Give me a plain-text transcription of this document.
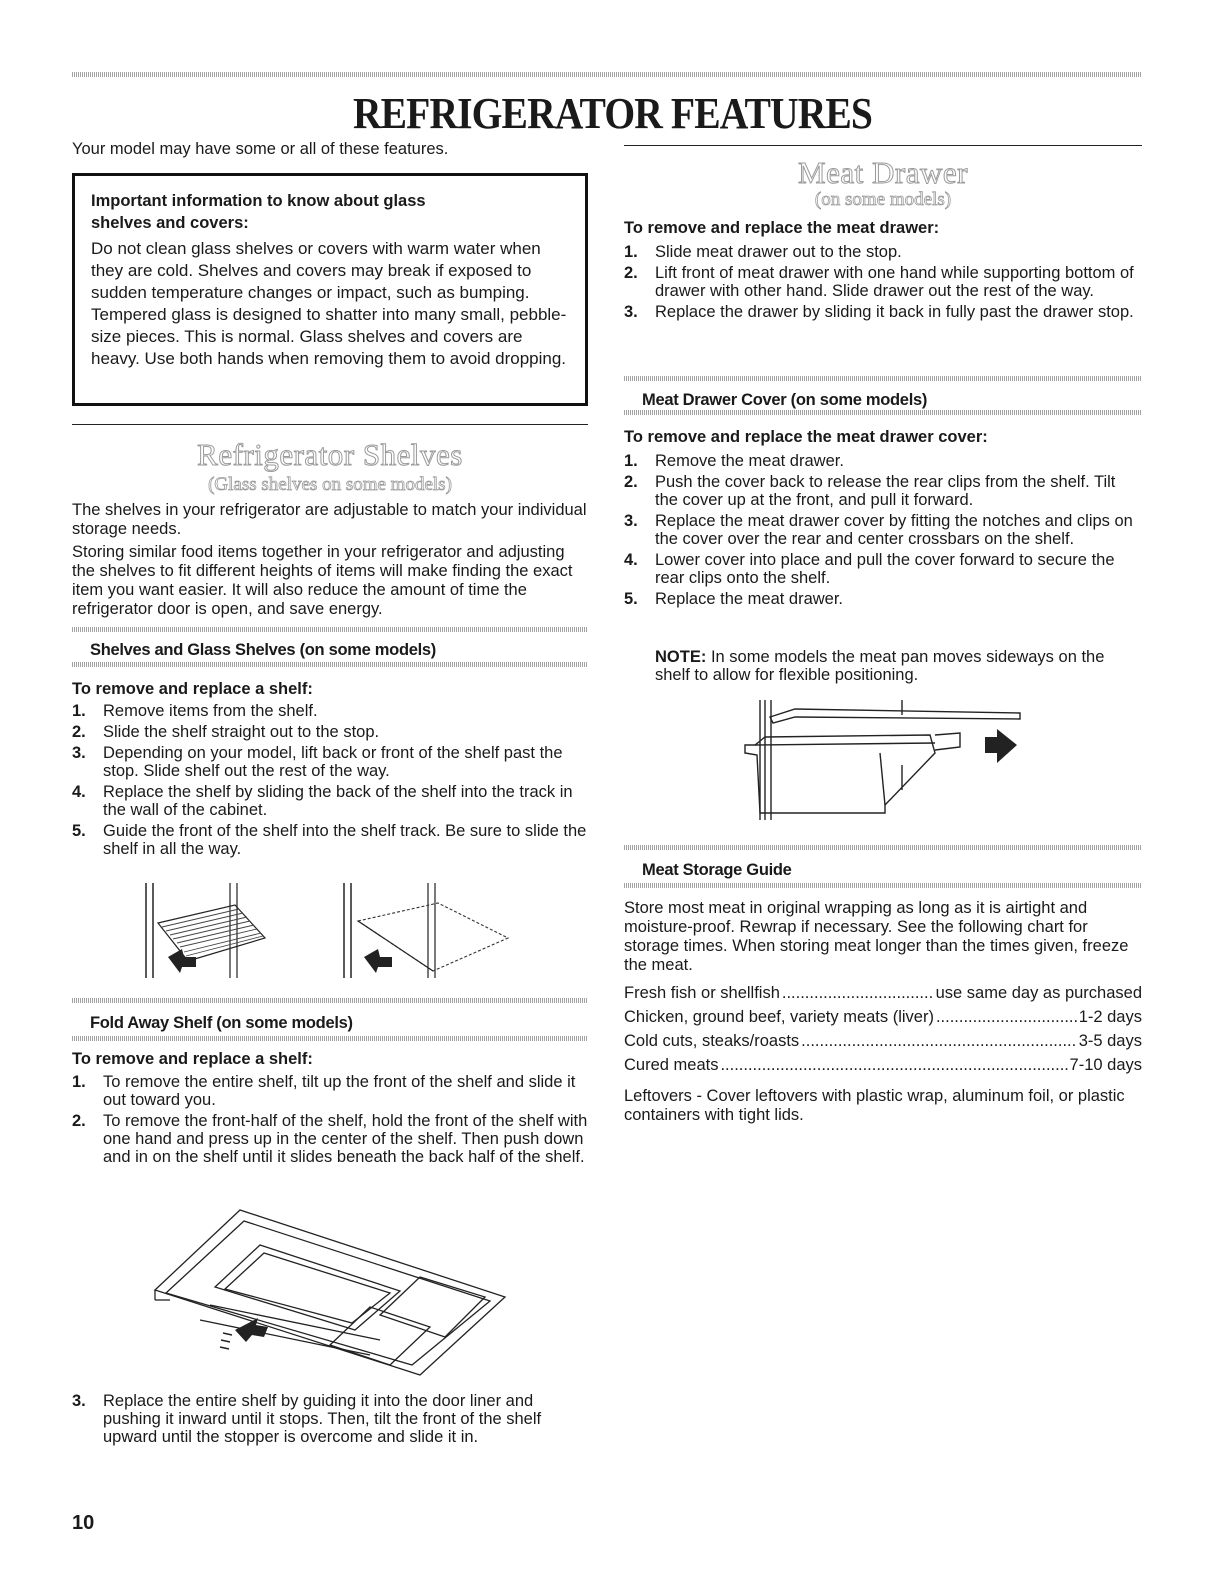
REFRIGERATOR FEATURES
Your model may have some or all of these features.
Important information to know about glass shelves and covers:
Do not clean glass shelves or covers with warm water when they are cold. Shelves and covers may break if exposed to sudden temperature changes or impact, such as bumping. Tempered glass is designed to shatter into many small, pebble-size pieces. This is normal. Glass shelves and covers are heavy. Use both hands when removing them to avoid dropping.
Refrigerator Shelves
(Glass shelves on some models)
The shelves in your refrigerator are adjustable to match your individual storage needs.
Storing similar food items together in your refrigerator and adjusting the shelves to fit different heights of items will make finding the exact item you want easier. It will also reduce the amount of time the refrigerator door is open, and save energy.
Shelves and Glass Shelves (on some models)
To remove and replace a shelf:
1. Remove items from the shelf.
2. Slide the shelf straight out to the stop.
3. Depending on your model, lift back or front of the shelf past the stop. Slide shelf out the rest of the way.
4. Replace the shelf by sliding the back of the shelf into the track in the wall of the cabinet.
5. Guide the front of the shelf into the shelf track. Be sure to slide the shelf in all the way.
Fold Away Shelf (on some models)
To remove and replace a shelf:
1. To remove the entire shelf, tilt up the front of the shelf and slide it out toward you.
2. To remove the front-half of the shelf, hold the front of the shelf with one hand and press up in the center of the shelf. Then push down and in on the shelf until it slides beneath the back half of the shelf.
3. Replace the entire shelf by guiding it into the door liner and pushing it inward until it stops. Then, tilt the front of the shelf upward until the stopper is overcome and slide it in.
10
Meat Drawer
(on some models)
To remove and replace the meat drawer:
1. Slide meat drawer out to the stop.
2. Lift front of meat drawer with one hand while supporting bottom of drawer with other hand. Slide drawer out the rest of the way.
3. Replace the drawer by sliding it back in fully past the drawer stop.
Meat Drawer Cover (on some models)
To remove and replace the meat drawer cover:
1. Remove the meat drawer.
2. Push the cover back to release the rear clips from the shelf. Tilt the cover up at the front, and pull it forward.
3. Replace the meat drawer cover by fitting the notches and clips on the cover over the rear and center crossbars on the shelf.
4. Lower cover into place and pull the cover forward to secure the rear clips onto the shelf.
5. Replace the meat drawer.
NOTE: In some models the meat pan moves sideways on the shelf to allow for flexible positioning.
Meat Storage Guide
Store most meat in original wrapping as long as it is airtight and moisture-proof. Rewrap if necessary. See the following chart for storage times. When storing meat longer than the times given, freeze the meat.
Fresh fish or shellfish .....	use same day as purchased
Chicken, ground beef, variety meats (liver) .....	1-2 days
Cold cuts, steaks/roasts .....	3-5 days
Cured meats .....	7-10 days
Leftovers - Cover leftovers with plastic wrap, aluminum foil, or plastic containers with tight lids.
